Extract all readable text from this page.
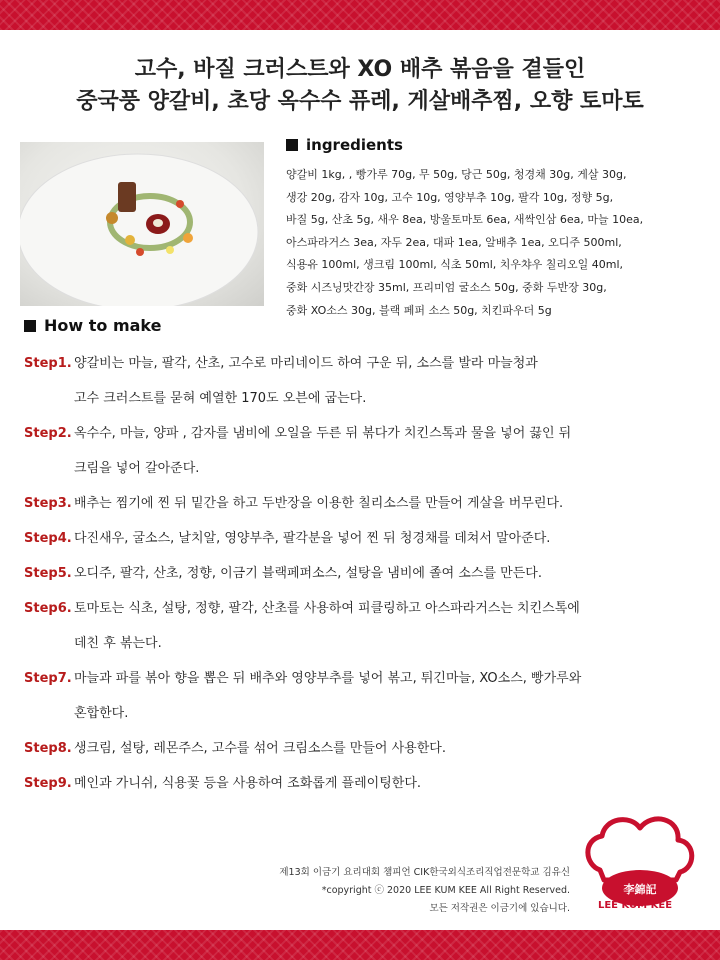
고수, 바질 크러스트와 XO 배추 볶음을 곁들인
중국풍 양갈비, 초당 옥수수 퓨레, 게살배추찜, 오향 토마토
ingredients
양갈비 1kg, , 빵가루 70g, 무 50g, 당근 50g, 청경채 30g, 게살 30g,
생강 20g, 감자 10g, 고수 10g, 영양부추 10g, 팔각 10g, 정향 5g,
바질 5g, 산초 5g, 새우 8ea, 방울토마토 6ea, 새싹인삼 6ea, 마늘 10ea,
아스파라거스 3ea, 자두 2ea, 대파 1ea, 알배추 1ea, 오디주 500ml,
식용유 100ml, 생크림 100ml, 식초 50ml, 치우챠우 칠리오일 40ml,
중화 시즈닝맛간장 35ml, 프리미엄 굴소스 50g, 중화 두반장 30g,
중화 XO소스 30g, 블랙 페퍼 소스 50g, 치킨파우더 5g
How to make
Step1. 양갈비는 마늘, 팔각, 산초, 고수로 마리네이드 하여 구운 뒤, 소스를 발라 마늘청과
고수 크러스트를 묻혀 예열한 170도 오븐에 굽는다.
Step2. 옥수수, 마늘, 양파 , 감자를 냄비에 오일을 두른 뒤 볶다가 치킨스톡과 물을 넣어 끓인 뒤
크림을 넣어 갈아준다.
Step3. 배추는 찜기에 찐 뒤 밑간을 하고 두반장을 이용한 칠리소스를 만들어 게살을 버무린다.
Step4. 다진새우, 굴소스, 날치알, 영양부추, 팔각분을 넣어 찐 뒤 청경채를 데쳐서 말아준다.
Step5. 오디주, 팔각, 산초, 정향, 이금기 블랙페퍼소스, 설탕을 냄비에 졸여 소스를 만든다.
Step6. 토마토는 식초, 설탕, 정향, 팔각, 산초를 사용하여 피클링하고 아스파라거스는 치킨스톡에
데친 후 볶는다.
Step7. 마늘과 파를 볶아 향을 뽑은 뒤 배추와 영양부추를 넣어 볶고, 튀긴마늘, XO소스, 빵가루와
혼합한다.
Step8. 생크림, 설탕, 레몬주스, 고수를 섞어 크림소스를 만들어 사용한다.
Step9. 메인과 가니쉬, 식용꽃 등을 사용하여 조화롭게 플레이팅한다.
제13회 이금기 요리대회 챔피언 CIK한국외식조리직업전문학교 김유신
*copyright ⓒ 2020 LEE KUM KEE All Right Reserved.
모든 저작권은 이금기에 있습니다.
李錦記
LEE KUM KEE
